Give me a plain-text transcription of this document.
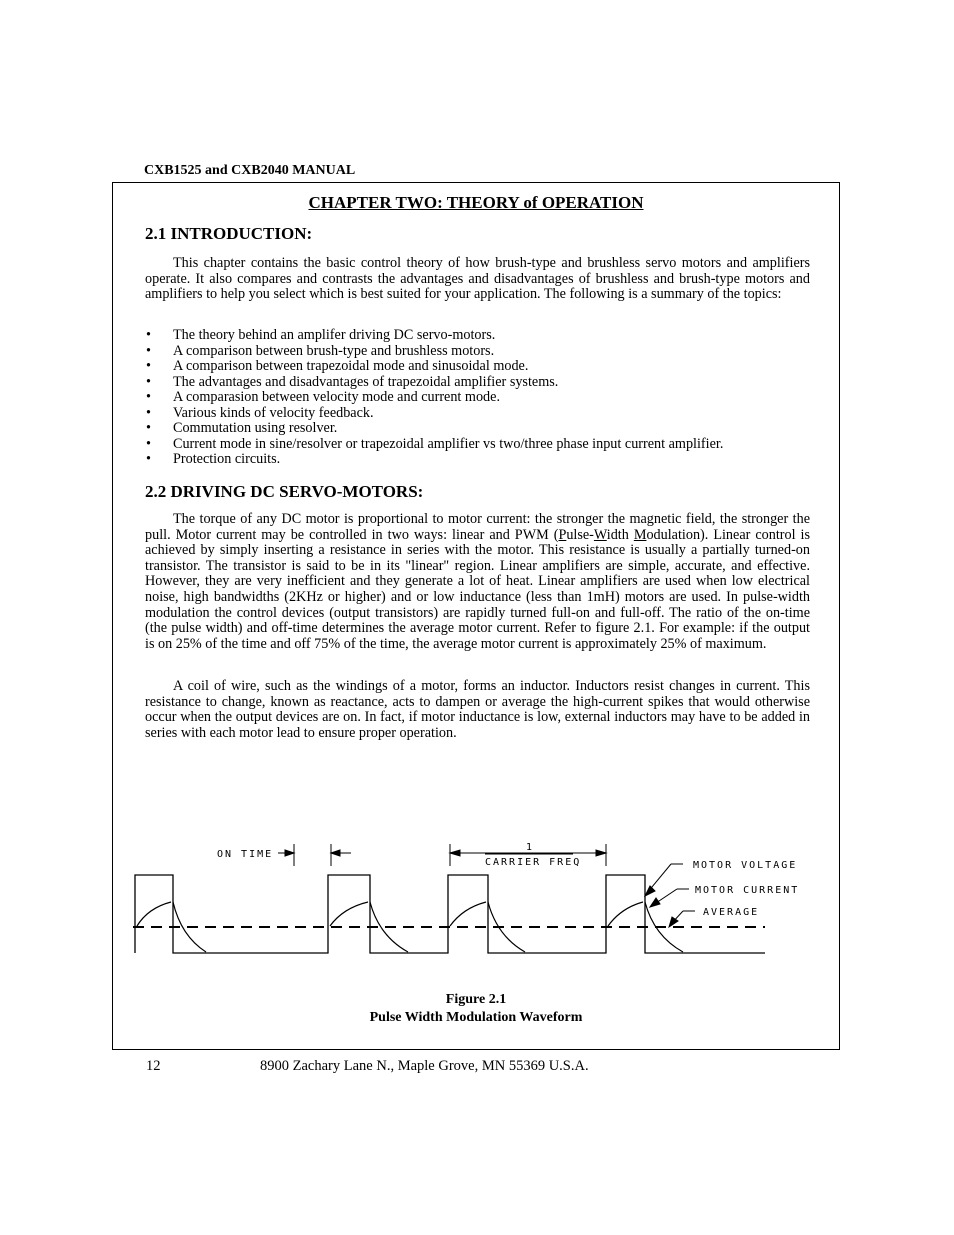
CXB1525 and CXB2040 MANUAL
CHAPTER TWO: THEORY of OPERATION
2.1 INTRODUCTION:

This chapter contains the basic control theory of how brush-type and brushless servo motors and amplifiers operate. It also compares and contrasts the advantages and disadvantages of brushless and brush-type motors and amplifiers to help you select which is best suited for your application. The following is a summary of the topics:

• The theory behind an amplifer driving DC servo-motors.
• A comparison between brush-type and brushless motors.
• A comparison between trapezoidal mode and sinusoidal mode.
• The advantages and disadvantages of trapezoidal amplifier systems.
• A comparasion between velocity mode and current mode.
• Various kinds of velocity feedback.
• Commutation using resolver.
• Current mode in sine/resolver or trapezoidal amplifier vs two/three phase input current amplifier.
• Protection circuits.
2.2 DRIVING DC SERVO-MOTORS:

The torque of any DC motor is proportional to motor current: the stronger the magnetic field, the stronger the pull. Motor current may be controlled in two ways: linear and PWM (Pulse-Width Modulation). Linear control is achieved by simply inserting a resistance in series with the motor. This resistance is usually a partially turned-on transistor. The transistor is said to be in its "linear" region. Linear amplifiers are simple, accurate, and effective. However, they are very inefficient and they generate a lot of heat. Linear amplifiers are used when low electrical noise, high bandwidths (2KHz or higher) and or low inductance (less than 1mH) motors are used. In pulse-width modulation the control devices (output transistors) are rapidly turned full-on and full-off. The ratio of the on-time (the pulse width) and off-time determines the average motor current. Refer to figure 2.1. For example: if the output is on 25% of the time and off 75% of the time, the average motor current is approximately 25% of maximum.

A coil of wire, such as the windings of a motor, forms an inductor. Inductors resist changes in current. This resistance to change, known as reactance, acts to dampen or average the high-current spikes that would otherwise occur when the output devices are on. In fact, if motor inductance is low, external inductors may have to be added in series with each motor lead to ensure proper operation.

ON TIME
1
CARRIER FREQ	MOTOR VOLTAGE
MOTOR CURRENT
AVERAGE
Figure 2.1
Pulse Width Modulation Waveform
12	8900 Zachary Lane N., Maple Grove, MN 55369 U.S.A.
